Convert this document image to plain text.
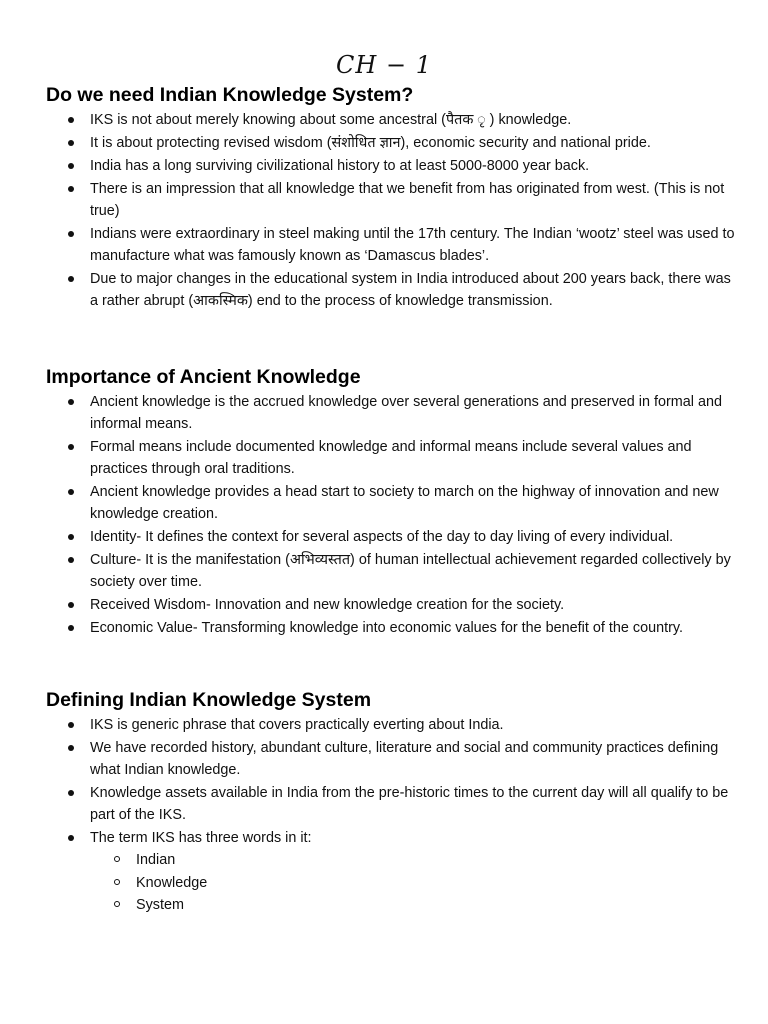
CH − 1
Do we need Indian Knowledge System?
IKS is not about merely knowing about some ancestral (पैतक ृ ) knowledge.
It is about protecting revised wisdom (संशोधित ज्ञान), economic security and national pride.
India has a long surviving civilizational history to at least 5000-8000 year back.
There is an impression that all knowledge that we benefit from has originated from west. (This is not true)
Indians were extraordinary in steel making until the 17th century. The Indian ‘wootz’ steel was used to manufacture what was famously known as ‘Damascus blades’.
Due to major changes in the educational system in India introduced about 200 years back, there was a rather abrupt (आकस्मिक) end to the process of knowledge transmission.
Importance of Ancient Knowledge
Ancient knowledge is the accrued knowledge over several generations and preserved in formal and informal means.
Formal means include documented knowledge and informal means include several values and practices through oral traditions.
Ancient knowledge provides a head start to society to march on the highway of innovation and new knowledge creation.
Identity- It defines the context for several aspects of the day to day living of every individual.
Culture- It is the manifestation (अभिव्यस्तत) of human intellectual achievement regarded collectively by society over time.
Received Wisdom- Innovation and new knowledge creation for the society.
Economic Value- Transforming knowledge into economic values for the benefit of the country.
Defining Indian Knowledge System
IKS is generic phrase that covers practically everting about India.
We have recorded history, abundant culture, literature and social and community practices defining what Indian knowledge.
Knowledge assets available in India from the pre-historic times to the current day will all qualify to be part of the IKS.
The term IKS has three words in it:
Indian
Knowledge
System
